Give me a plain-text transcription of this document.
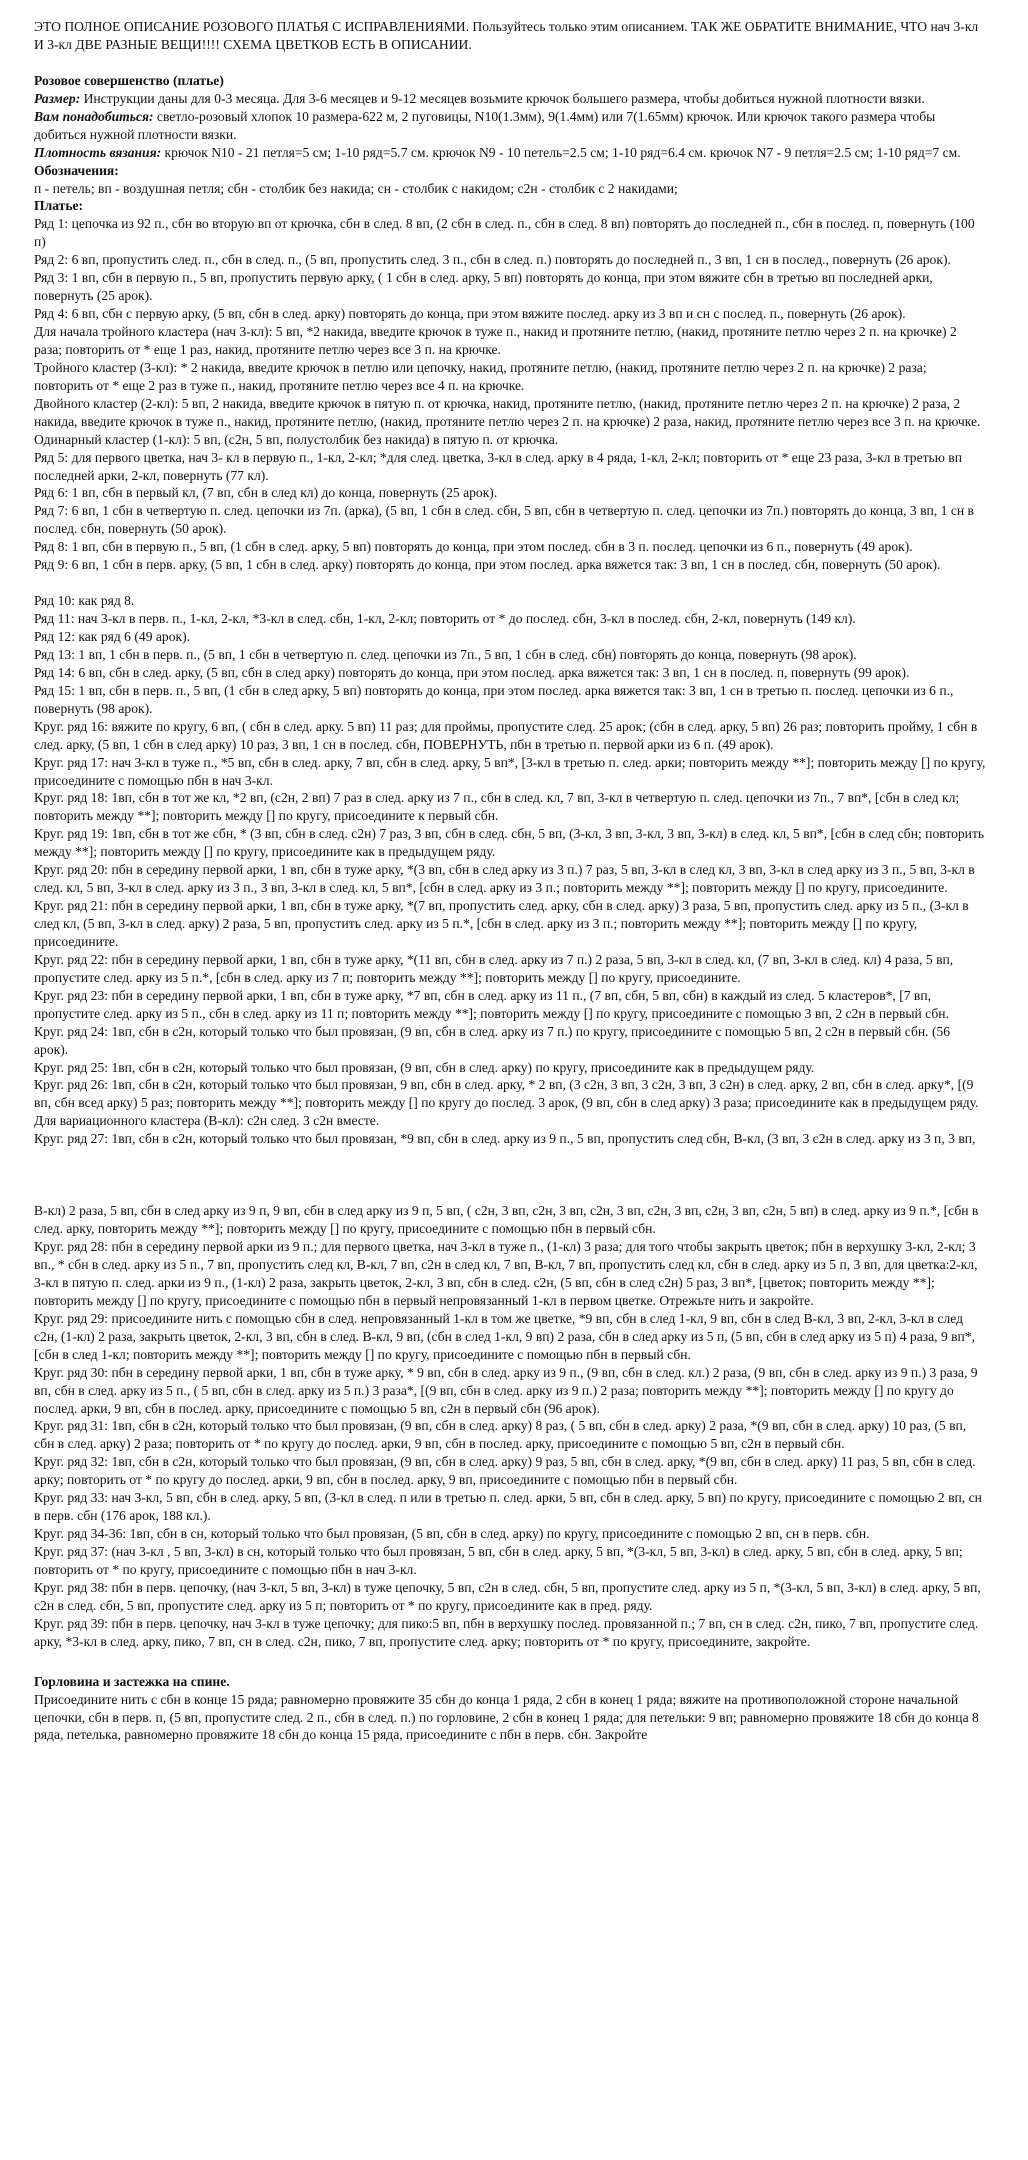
ЭТО ПОЛНОЕ ОПИСАНИЕ РОЗОВОГО ПЛАТЬЯ С ИСПРАВЛЕНИЯМИ. Пользуйтесь только этим описанием. ТАК ЖЕ ОБРАТИТЕ ВНИМАНИЕ, ЧТО нач 3-кл И 3-кл ДВЕ РАЗНЫЕ ВЕЩИ!!!! СХЕМА ЦВЕТКОВ ЕСТЬ В ОПИСАНИИ.

Розовое совершенство (платье)

Размер: Инструкции даны для 0-3 месяца. Для 3-6 месяцев и 9-12 месяцев возьмите крючок большего размера, чтобы добиться нужной плотности вязки.

Вам понадобиться: светло-розовый хлопок 10 размера-622 м, 2 пуговицы, N10(1.3мм), 9(1.4мм) или 7(1.65мм) крючок. Или крючок такого размера чтобы добиться нужной плотности вязки.

Плотность вязания: крючок N10 - 21 петля=5 см; 1-10 ряд=5.7 см. крючок N9 - 10 петель=2.5 см; 1-10 ряд=6.4 см. крючок N7 - 9 петля=2.5 см; 1-10 ряд=7 см.

Обозначения:

п - петель; вп - воздушная петля; сбн - столбик без накида; сн - столбик с накидом; с2н - столбик с 2 накидами;

Платье:

Ряд 1: цепочка из 92 п., сбн во вторую вп от крючка, сбн в след. 8 вп, (2 сбн в след. п., сбн в след. 8 вп) повторять до последней п., сбн в послед. п, повернуть (100 п)

Ряд 2: 6 вп, пропустить след. п., сбн в след. п., (5 вп, пропустить след. 3 п., сбн в след. п.) повторять до последней п., 3 вп, 1 сн в послед., повернуть (26 арок).

Ряд 3: 1 вп, сбн в первую п., 5 вп, пропустить первую арку, ( 1 сбн в след. арку, 5 вп) повторять до конца, при этом вяжите сбн в третью вп последней арки, повернуть (25 арок).

Ряд 4: 6 вп, сбн с первую арку, (5 вп, сбн в след. арку) повторять до конца, при этом вяжите послед. арку из 3 вп и сн с послед. п., повернуть (26 арок).

Для начала тройного кластера (нач 3-кл): 5 вп, *2 накида, введите крючок в туже п., накид и протяните петлю, (накид, протяните петлю через 2 п. на крючке) 2 раза; повторить от * еще 1 раз, накид, протяните петлю через все 3 п. на крючке.

Тройного кластер (3-кл): * 2 накида, введите крючок в петлю или цепочку, накид, протяните петлю, (накид, протяните петлю через 2 п. на крючке) 2 раза; повторить от * еще 2 раз в туже п., накид, протяните петлю через все 4 п. на крючке.

Двойного кластер (2-кл): 5 вп, 2 накида, введите крючок в пятую п. от крючка, накид, протяните петлю, (накид, протяните петлю через 2 п. на крючке) 2 раза, 2 накида, введите крючок в туже п., накид, протяните петлю, (накид, протяните петлю через 2 п. на крючке) 2 раза, накид, протяните петлю через все 3 п. на крючке.

Одинарный кластер (1-кл): 5 вп, (с2н, 5 вп, полустолбик без накида) в пятую п. от крючка.

Ряд 5: для первого цветка, нач 3- кл в первую п., 1-кл, 2-кл; *для след. цветка, 3-кл в след. арку в 4 ряда, 1-кл, 2-кл; повторить от * еще 23 раза, 3-кл в третью вп последней арки, 2-кл, повернуть (77 кл).

Ряд 6: 1 вп, сбн в первый кл, (7 вп, сбн в след кл) до конца, повернуть (25 арок).

Ряд 7: 6 вп, 1 сбн в четвертую п. след. цепочки из 7п. (арка), (5 вп, 1 сбн в след. сбн, 5 вп, сбн в четвертую п. след. цепочки из 7п.) повторять до конца, 3 вп, 1 сн в послед. сбн, повернуть (50 арок).

Ряд 8: 1 вп, сбн в первую п., 5 вп, (1 сбн в след. арку, 5 вп) повторять до конца, при этом послед. сбн в 3 п. послед. цепочки из 6 п., повернуть (49 арок).

Ряд 9: 6 вп, 1 сбн в перв. арку, (5 вп, 1 сбн в след. арку) повторять до конца, при этом послед. арка вяжется так: 3 вп, 1 сн в послед. сбн, повернуть (50 арок).

Ряд 10: как ряд 8.

Ряд 11: нач 3-кл в перв. п., 1-кл, 2-кл, *3-кл в след. сбн, 1-кл, 2-кл; повторить от * до послед. сбн, 3-кл в послед. сбн, 2-кл, повернуть (149 кл).

Ряд 12: как ряд 6 (49 арок).

Ряд 13: 1 вп, 1 сбн в перв. п., (5 вп, 1 сбн в четвертую п. след. цепочки из 7п., 5 вп, 1 сбн в след. сбн) повторять до конца, повернуть (98 арок).

Ряд 14: 6 вп, сбн в след. арку, (5 вп, сбн в след арку) повторять до конца, при этом послед. арка вяжется так: 3 вп, 1 сн в послед. п, повернуть (99 арок).

Ряд 15: 1 вп, сбн в перв. п., 5 вп, (1 сбн в след арку, 5 вп) повторять до конца, при этом послед. арка вяжется так: 3 вп, 1 сн в третью п. послед. цепочки из 6 п., повернуть (98 арок).

Круг. ряд 16: вяжите по кругу, 6 вп, ( сбн в след. арку. 5 вп) 11 раз; для проймы, пропустите след. 25 арок; (сбн в след. арку, 5 вп) 26 раз; повторить пройму, 1 сбн в след. арку, (5 вп, 1 сбн в след арку) 10 раз, 3 вп, 1 сн в послед. сбн, ПОВЕРНУТЬ, пбн в третью п. первой арки из 6 п. (49 арок).

Круг. ряд 17: нач 3-кл в туже п., *5 вп, сбн в след. арку, 7 вп, сбн в след. арку, 5 вп*, [3-кл в третью п. след. арки; повторить между **]; повторить между [] по кругу, присоедините с помощью пбн в нач 3-кл.

Круг. ряд 18: 1вп, сбн в тот же кл, *2 вп, (с2н, 2 вп) 7 раз в след. арку из 7 п., сбн в след. кл, 7 вп, 3-кл в четвертую п. след. цепочки из 7п., 7 вп*, [сбн в след кл; повторить между **]; повторить между [] по кругу, присоедините к первый сбн.

Круг. ряд 19: 1вп, сбн в тот же сбн, * (3 вп, сбн в след. с2н) 7 раз, 3 вп, сбн в след. сбн, 5 вп, (3-кл, 3 вп, 3-кл, 3 вп, 3-кл) в след. кл, 5 вп*, [сбн в след сбн; повторить между **]; повторить между [] по кругу, присоедините как в предыдущем ряду.

Круг. ряд 20: пбн в середину первой арки, 1 вп, сбн в туже арку, *(3 вп, сбн в след арку из 3 п.) 7 раз, 5 вп, 3-кл в след кл, 3 вп, 3-кл в след арку из 3 п., 5 вп, 3-кл в след. кл, 5 вп, 3-кл в след. арку из 3 п., 3 вп, 3-кл в след. кл, 5 вп*, [сбн в след. арку из 3 п.; повторить между **]; повторить между [] по кругу, присоедините.

Круг. ряд 21: пбн в середину первой арки, 1 вп, сбн в туже арку, *(7 вп, пропустить след. арку, сбн в след. арку) 3 раза, 5 вп, пропустить след. арку из 5 п., (3-кл в след кл, (5 вп, 3-кл в след. арку) 2 раза, 5 вп, пропустить след. арку из 5 п.*, [сбн в след. арку из 3 п.; повторить между **]; повторить между [] по кругу, присоедините.

Круг. ряд 22: пбн в середину первой арки, 1 вп, сбн в туже арку, *(11 вп, сбн в след. арку из 7 п.) 2 раза, 5 вп, 3-кл в след. кл, (7 вп, 3-кл в след. кл) 4 раза, 5 вп, пропустите след. арку из 5 п.*, [сбн в след. арку из 7 п; повторить между **]; повторить между [] по кругу, присоедините.

Круг. ряд 23: пбн в середину первой арки, 1 вп, сбн в туже арку, *7 вп, сбн в след. арку из 11 п., (7 вп, сбн, 5 вп, сбн) в каждый из след. 5 кластеров*, [7 вп, пропустите след. арку из 5 п., сбн в след. арку из 11 п; повторить между **]; повторить между [] по кругу, присоедините с помощью 3 вп, 2 с2н в первый сбн.

Круг. ряд 24: 1вп, сбн в с2н, который только что был провязан, (9 вп, сбн в след. арку из 7 п.) по кругу, присоедините с помощью 5 вп, 2 с2н в первый сбн. (56 арок).

Круг. ряд 25: 1вп, сбн в с2н, который только что был провязан, (9 вп, сбн в след. арку) по кругу, присоедините как в предыдущем ряду.

Круг. ряд 26: 1вп, сбн в с2н, который только что был провязан, 9 вп, сбн в след. арку, * 2 вп, (3 с2н, 3 вп, 3 с2н, 3 вп, 3 с2н) в след. арку, 2 вп, сбн в след. арку*, [(9 вп, сбн всед арку) 5 раз; повторить между **]; повторить между [] по кругу до послед. 3 арок, (9 вп, сбн в след арку) 3 раза; присоедините как в предыдущем ряду.

Для вариационного кластера (В-кл): с2н след. 3 с2н вместе.

Круг. ряд 27: 1вп, сбн в с2н, который только что был провязан, *9 вп, сбн в след. арку из 9 п., 5 вп, пропустить след сбн, В-кл, (3 вп, 3 с2н в след. арку из 3 п, 3 вп,

В-кл) 2 раза, 5 вп, сбн в след арку из 9 п, 9 вп, сбн в след арку из 9 п, 5 вп, ( с2н, 3 вп, с2н, 3 вп, с2н, 3 вп, с2н, 3 вп, с2н, 3 вп, с2н, 5 вп) в след. арку из 9 п.*, [сбн в след. арку, повторить между **]; повторить между [] по кругу, присоедините с помощью пбн в первый сбн.

Круг. ряд 28: пбн в середину первой арки из 9 п.; для первого цветка, нач 3-кл в туже п., (1-кл) 3 раза; для того чтобы закрыть цветок; пбн в верхушку 3-кл, 2-кл; 3 вп., * сбн в след. арку из 5 п., 7 вп, пропустить след кл, В-кл, 7 вп, с2н в след кл, 7 вп, В-кл, 7 вп, пропустить след кл, сбн в след. арку из 5 п, 3 вп, для цветка:2-кл, 3-кл в пятую п. след. арки из 9 п., (1-кл) 2 раза, закрыть цветок, 2-кл, 3 вп, сбн в след. с2н, (5 вп, сбн в след с2н) 5 раз, 3 вп*, [цветок; повторить между **]; повторить между [] по кругу, присоедините с помощью пбн в первый непровязанный 1-кл в первом цветке. Отрежьте нить и закройте.

Круг. ряд 29: присоедините нить с помощью сбн в след. непровязанный 1-кл в том же цветке, *9 вп, сбн в след 1-кл, 9 вп, сбн в след В-кл, 3 вп, 2-кл, 3-кл в след с2н, (1-кл) 2 раза, закрыть цветок, 2-кл, 3 вп, сбн в след. В-кл, 9 вп, (сбн в след 1-кл, 9 вп) 2 раза, сбн в след арку из 5 п, (5 вп, сбн в след арку из 5 п) 4 раза, 9 вп*, [сбн в след 1-кл; повторить между **]; повторить между [] по кругу, присоедините с помощью пбн в первый сбн.

Круг. ряд 30: пбн в середину первой арки, 1 вп, сбн в туже арку, * 9 вп, сбн в след. арку из 9 п., (9 вп, сбн в след. кл.) 2 раза, (9 вп, сбн в след. арку из 9 п.) 3 раза, 9 вп, сбн в след. арку из 5 п., ( 5 вп, сбн в след. арку из 5 п.) 3 раза*, [(9 вп, сбн в след. арку из 9 п.) 2 раза; повторить между **]; повторить между [] по кругу до послед. арки, 9 вп, сбн в послед. арку, присоедините с помощью 5 вп, с2н в первый сбн (96 арок).

Круг. ряд 31: 1вп, сбн в с2н, который только что был провязан, (9 вп, сбн в след. арку) 8 раз, ( 5 вп, сбн в след. арку) 2 раза, *(9 вп, сбн в след. арку) 10 раз, (5 вп, сбн в след. арку) 2 раза; повторить от * по кругу до послед. арки, 9 вп, сбн в послед. арку, присоедините с помощью 5 вп, с2н в первый сбн.

Круг. ряд 32: 1вп, сбн в с2н, который только что был провязан, (9 вп, сбн в след. арку) 9 раз, 5 вп, сбн в след. арку, *(9 вп, сбн в след. арку) 11 раз, 5 вп, сбн в след. арку; повторить от * по кругу до послед. арки, 9 вп, сбн в послед. арку, 9 вп, присоедините с помощью пбн в первый сбн.

Круг. ряд 33: нач 3-кл, 5 вп, сбн в след. арку, 5 вп, (3-кл в след. п или в третью п. след. арки, 5 вп, сбн в след. арку, 5 вп) по кругу, присоедините с помощью 2 вп, сн в перв. сбн (176 арок, 188 кл.).

Круг. ряд 34-36: 1вп, сбн в сн, который только что был провязан, (5 вп, сбн в след. арку) по кругу, присоедините с помощью 2 вп, сн в перв. сбн.

Круг. ряд 37: (нач 3-кл , 5 вп, 3-кл) в сн, который только что был провязан, 5 вп, сбн в след. арку, 5 вп, *(3-кл, 5 вп, 3-кл) в след. арку, 5 вп, сбн в след. арку, 5 вп; повторить от * по кругу, присоедините с помощью пбн в нач 3-кл.

Круг. ряд 38: пбн в перв. цепочку, (нач 3-кл, 5 вп, 3-кл) в туже цепочку, 5 вп, с2н в след. сбн, 5 вп, пропустите след. арку из 5 п, *(3-кл, 5 вп, 3-кл) в след. арку, 5 вп, с2н в след. сбн, 5 вп, пропустите след. арку из 5 п; повторить от * по кругу, присоедините как в пред. ряду.

Круг. ряд 39: пбн в перв. цепочку, нач 3-кл в туже цепочку; для пико:5 вп, пбн в верхушку послед. провязанной п.; 7 вп, сн в след. с2н, пико, 7 вп, пропустите след. арку, *3-кл в след. арку, пико, 7 вп, сн в след. с2н, пико, 7 вп, пропустите след. арку; повторить от * по кругу, присоедините, закройте.

Горловина и застежка на спине.

Присоедините нить с сбн в конце 15 ряда; равномерно провяжите 35 сбн до конца 1 ряда, 2 сбн в конец 1 ряда; вяжите на противоположной стороне начальной цепочки, сбн в перв. п, (5 вп, пропустите след. 2 п., сбн в след. п.) по горловине, 2 сбн в конец 1 ряда; для петельки: 9 вп; равномерно провяжите 18 сбн до конца 8 ряда, петелька, равномерно провяжите 18 сбн до конца 15 ряда, присоедините с пбн в перв. сбн. Закройте
